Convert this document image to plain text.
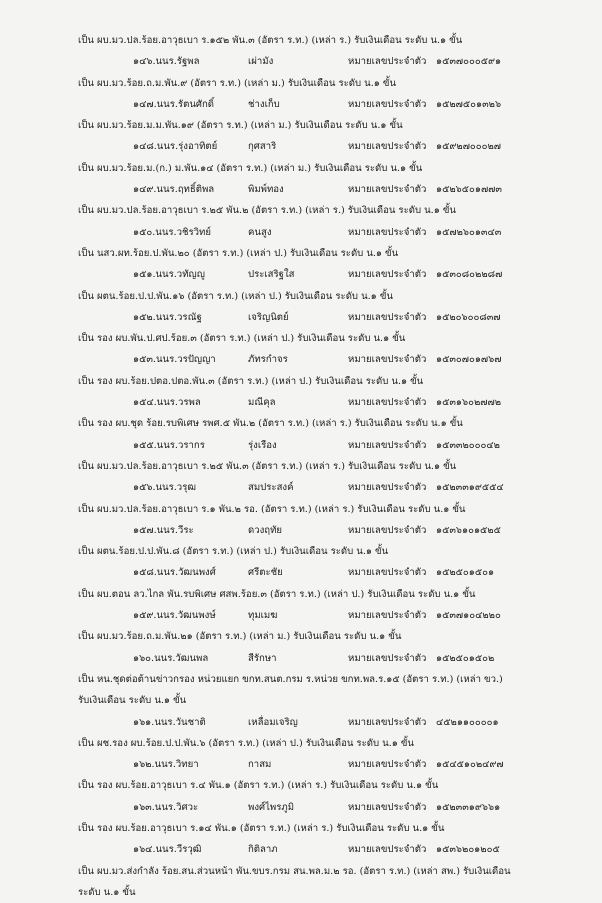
เป็น ผบ.มว.ปล.ร้อย.อาวุธเบา ร.๑๕๒ พัน.๓ (อัตรา ร.ท.) (เหล่า ร.) รับเงินเดือน ระดับ น.๑ ขั้น
๑๔๖.นนร.รัฐพล	เผ่ามัง	หมายเลขประจำตัว ๑๕๓๗๐๐๐๕๙๑
เป็น ผบ.มว.ร้อย.ถ.ม.พัน.๙ (อัตรา ร.ท.) (เหล่า ม.) รับเงินเดือน ระดับ น.๑ ขั้น
๑๔๗.นนร.รัตนศักดิ์	ช่างเก็บ	หมายเลขประจำตัว ๑๕๒๗๕๐๑๓๒๖
เป็น ผบ.มว.ร้อย.ม.ม.พัน.๑๙ (อัตรา ร.ท.) (เหล่า ม.) รับเงินเดือน ระดับ น.๑ ขั้น
๑๔๘.นนร.รุ่งอาทิตย์	กุศสาริ	หมายเลขประจำตัว ๑๕๙๒๗๐๐๐๒๗
เป็น ผบ.มว.ร้อย.ม.(ก.) ม.พัน.๑๔ (อัตรา ร.ท.) (เหล่า ม.) รับเงินเดือน ระดับ น.๑ ขั้น
๑๔๙.นนร.ฤทธิ์ติพล	พิมพ์ทอง	หมายเลขประจำตัว ๑๕๒๖๕๐๑๗๗๓
เป็น ผบ.มว.ปล.ร้อย.อาวุธเบา ร.๒๕ พัน.๒ (อัตรา ร.ท.) (เหล่า ร.) รับเงินเดือน ระดับ น.๑ ขั้น
๑๕๐.นนร.วชิรวิทย์	คนสูง	หมายเลขประจำตัว ๑๕๗๒๖๐๑๓๔๓
เป็น นสว.ผท.ร้อย.ป.พัน.๒๐ (อัตรา ร.ท.) (เหล่า ป.) รับเงินเดือน ระดับ น.๑ ขั้น
๑๕๑.นนร.วทัญญู	ประเสริฐใส	หมายเลขประจำตัว ๑๕๓๐๘๐๒๒๘๗
เป็น ผตน.ร้อย.ป.ป.พัน.๑๖ (อัตรา ร.ท.) (เหล่า ป.) รับเงินเดือน ระดับ น.๑ ขั้น
๑๕๒.นนร.วรณัฐ	เจริญนิตย์	หมายเลขประจำตัว ๑๕๒๐๖๐๐๘๓๗
เป็น รอง ผบ.พัน.ป.ศป.ร้อย.๓ (อัตรา ร.ท.) (เหล่า ป.) รับเงินเดือน ระดับ น.๑ ขั้น
๑๕๓.นนร.วรปัญญา	ภัทรกำจร	หมายเลขประจำตัว ๑๕๓๐๗๐๑๗๖๗
เป็น รอง ผบ.ร้อย.ปตอ.ปตอ.พัน.๓ (อัตรา ร.ท.) (เหล่า ป.) รับเงินเดือน ระดับ น.๑ ขั้น
๑๕๔.นนร.วรพล	มณีคุล	หมายเลขประจำตัว ๑๕๓๑๖๐๒๗๗๒
เป็น รอง ผบ.ชุด ร้อย.รบพิเศษ รพศ.๕ พัน.๒ (อัตรา ร.ท.) (เหล่า ร.) รับเงินเดือน ระดับ น.๑ ขั้น
๑๕๕.นนร.วรากร	รุ่งเรือง	หมายเลขประจำตัว ๑๕๓๓๒๐๐๐๔๒
เป็น ผบ.มว.ปล.ร้อย.อาวุธเบา ร.๒๕ พัน.๓ (อัตรา ร.ท.) (เหล่า ร.) รับเงินเดือน ระดับ น.๑ ขั้น
๑๕๖.นนร.วรุฒ	สมประสงค์	หมายเลขประจำตัว ๑๕๒๓๓๑๙๕๕๔
เป็น ผบ.มว.ปล.ร้อย.อาวุธเบา ร.๑ พัน.๒ รอ. (อัตรา ร.ท.) (เหล่า ร.) รับเงินเดือน ระดับ น.๑ ขั้น
๑๕๗.นนร.วีระ	ดวงฤทัย	หมายเลขประจำตัว ๑๕๓๖๑๐๑๕๒๕
เป็น ผตน.ร้อย.ป.ป.พัน.๘ (อัตรา ร.ท.) (เหล่า ป.) รับเงินเดือน ระดับ น.๑ ขั้น
๑๕๘.นนร.วัฒนพงศ์	ศรีตะชัย	หมายเลขประจำตัว ๑๕๒๕๐๑๕๐๑
เป็น ผบ.ตอน ลว.ไกล พัน.รบพิเศษ ศสพ.ร้อย.๓ (อัตรา ร.ท.) (เหล่า ป.) รับเงินเดือน ระดับ น.๑ ขั้น
๑๕๙.นนร.วัฒนพงษ์	ทุมเมฆ	หมายเลขประจำตัว ๑๕๓๗๑๐๔๒๒๐
เป็น ผบ.มว.ร้อย.ถ.ม.พัน.๒๑ (อัตรา ร.ท.) (เหล่า ม.) รับเงินเดือน ระดับ น.๑ ขั้น
๑๖๐.นนร.วัฒนพล	สีรักษา	หมายเลขประจำตัว ๑๕๒๕๐๑๕๐๒
เป็น หน.ชุดต่อต้านข่าวกรอง หน่วยแยก ขกท.สนต.กรม ร.หน่วย ขกท.พล.ร.๑๕ (อัตรา ร.ท.) (เหล่า ขว.)
รับเงินเดือน ระดับ น.๑ ขั้น
๑๖๑.นนร.วันชาติ	เหลื่อมเจริญ	หมายเลขประจำตัว ๔๕๒๑๑๐๐๐๐๑
เป็น ผช.รอง ผบ.ร้อย.ป.ป.พัน.๖ (อัตรา ร.ท.) (เหล่า ป.) รับเงินเดือน ระดับ น.๑ ขั้น
๑๖๒.นนร.วิทยา	กาสม	หมายเลขประจำตัว ๑๕๔๕๑๐๒๔๙๗
เป็น รอง ผบ.ร้อย.อาวุธเบา ร.๔ พัน.๑ (อัตรา ร.ท.) (เหล่า ร.) รับเงินเดือน ระดับ น.๑ ขั้น
๑๖๓.นนร.วิศวะ	พงศ์ไพรภูมิ	หมายเลขประจำตัว ๑๕๒๓๓๑๙๖๖๑
เป็น รอง ผบ.ร้อย.อาวุธเบา ร.๑๔ พัน.๑ (อัตรา ร.ท.) (เหล่า ร.) รับเงินเดือน ระดับ น.๑ ขั้น
๑๖๔.นนร.วีรวุฒิ	กิติลาภ	หมายเลขประจำตัว ๑๕๓๖๒๐๑๒๐๕
เป็น ผบ.มว.ส่งกำลัง ร้อย.สน.ส่วนหน้า พัน.ขบร.กรม สน.พล.ม.๒ รอ. (อัตรา ร.ท.) (เหล่า สพ.) รับเงินเดือน
ระดับ น.๑ ขั้น
